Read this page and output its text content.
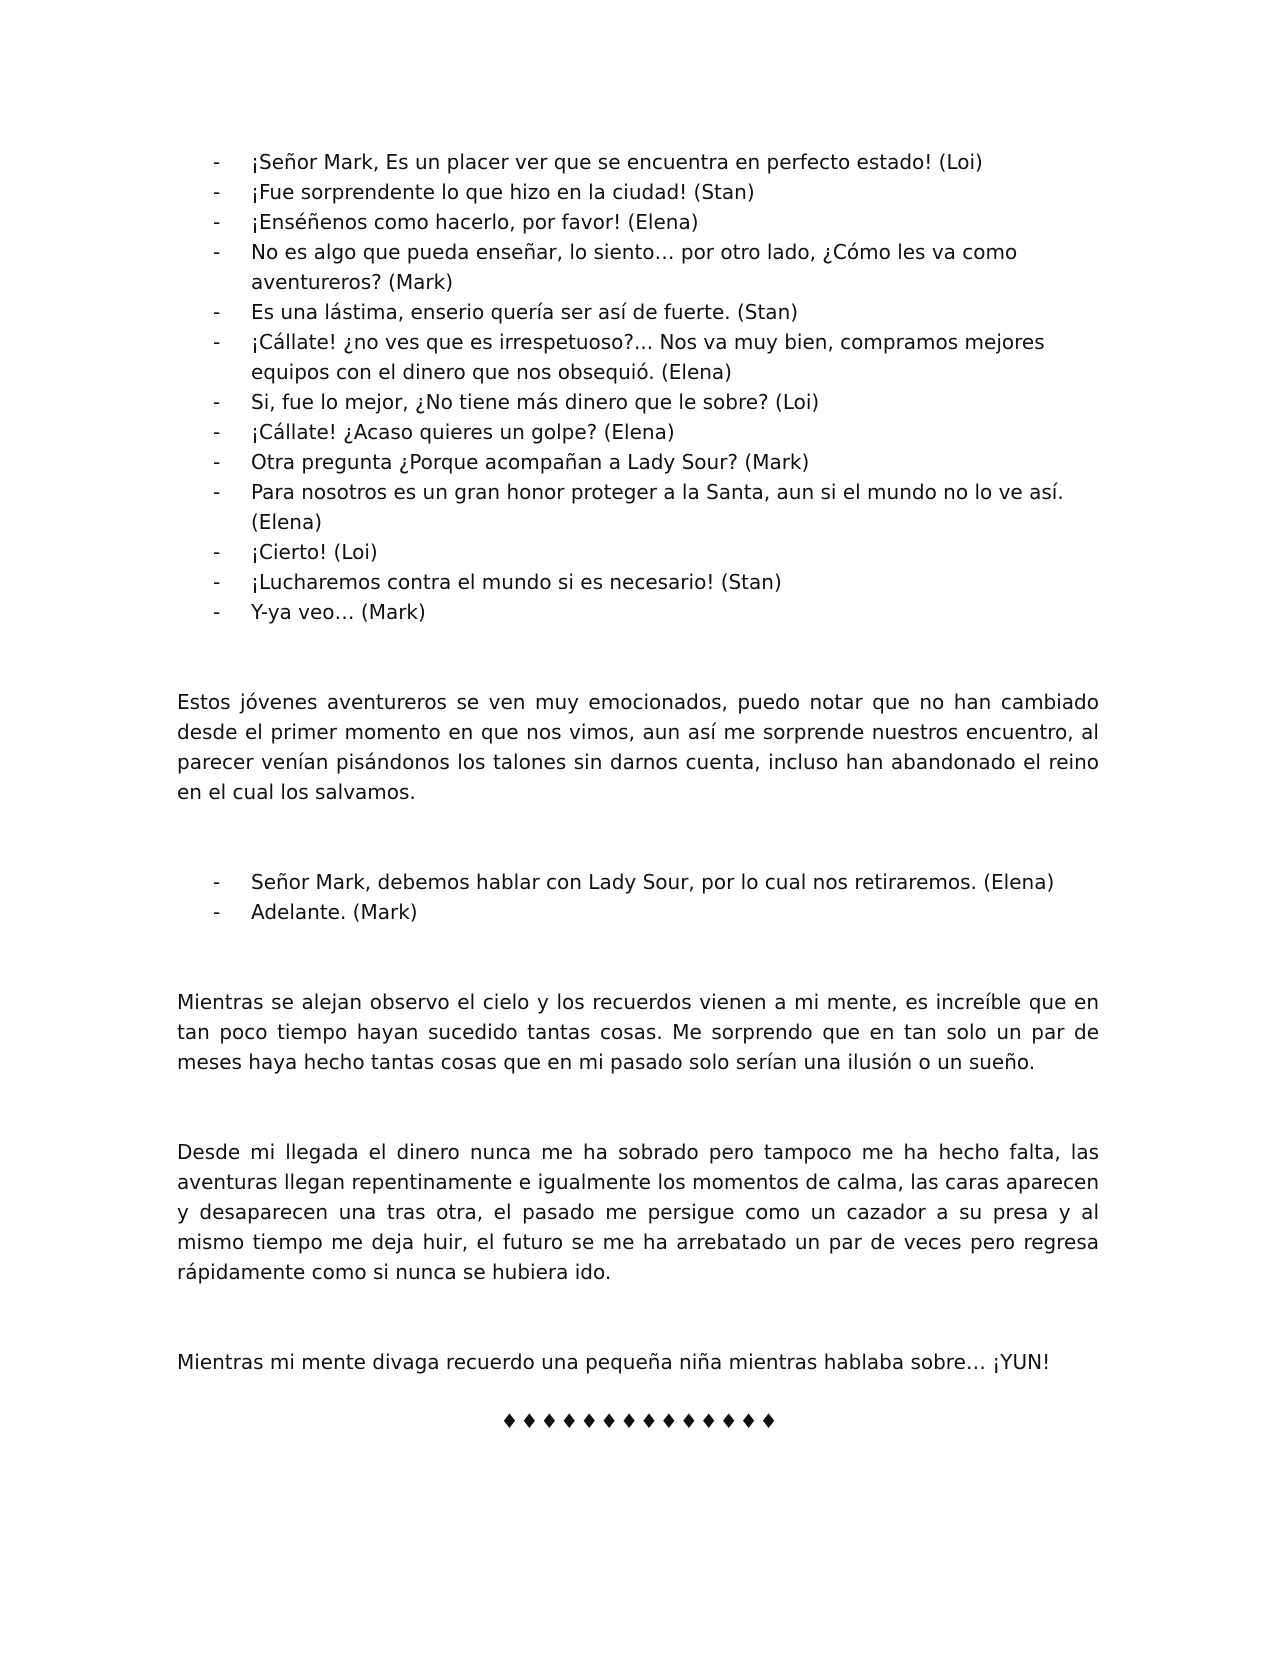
- ¡Señor Mark, Es un placer ver que se encuentra en perfecto estado! (Loi)
- ¡Fue sorprendente lo que hizo en la ciudad! (Stan)
- ¡Enséñenos como hacerlo, por favor! (Elena)
- No es algo que pueda enseñar, lo siento… por otro lado, ¿Cómo les va como aventureros? (Mark)
- Es una lástima, enserio quería ser así de fuerte. (Stan)
- ¡Cállate! ¿no ves que es irrespetuoso?... Nos va muy bien, compramos mejores equipos con el dinero que nos obsequió. (Elena)
- Si, fue lo mejor, ¿No tiene más dinero que le sobre? (Loi)
- ¡Cállate! ¿Acaso quieres un golpe? (Elena)
- Otra pregunta ¿Porque acompañan a Lady Sour? (Mark)
- Para nosotros es un gran honor proteger a la Santa, aun si el mundo no lo ve así.(Elena)
- ¡Cierto! (Loi)
- ¡Lucharemos contra el mundo si es necesario! (Stan)
- Y-ya veo… (Mark)

Estos jóvenes aventureros se ven muy emocionados, puedo notar que no han cambiado desde el primer momento en que nos vimos, aun así me sorprende nuestros encuentro, al parecer venían pisándonos los talones sin darnos cuenta, incluso han abandonado el reino en el cual los salvamos.

- Señor Mark, debemos hablar con Lady Sour, por lo cual nos retiraremos. (Elena)
- Adelante. (Mark)

Mientras se alejan observo el cielo y los recuerdos vienen a mi mente, es increíble que en tan poco tiempo hayan sucedido tantas cosas. Me sorprendo que en tan solo un par de meses haya hecho tantas cosas que en mi pasado solo serían una ilusión o un sueño.

Desde mi llegada el dinero nunca me ha sobrado pero tampoco me ha hecho falta, las aventuras llegan repentinamente e igualmente los momentos de calma, las caras aparecen y desaparecen una tras otra, el pasado me persigue como un cazador a su presa y al mismo tiempo me deja huir, el futuro se me ha arrebatado un par de veces pero regresa rápidamente como si nunca se hubiera ido.

Mientras mi mente divaga recuerdo una pequeña niña mientras hablaba sobre… ¡YUN!

♦♦♦♦♦♦♦♦♦♦♦♦♦♦
